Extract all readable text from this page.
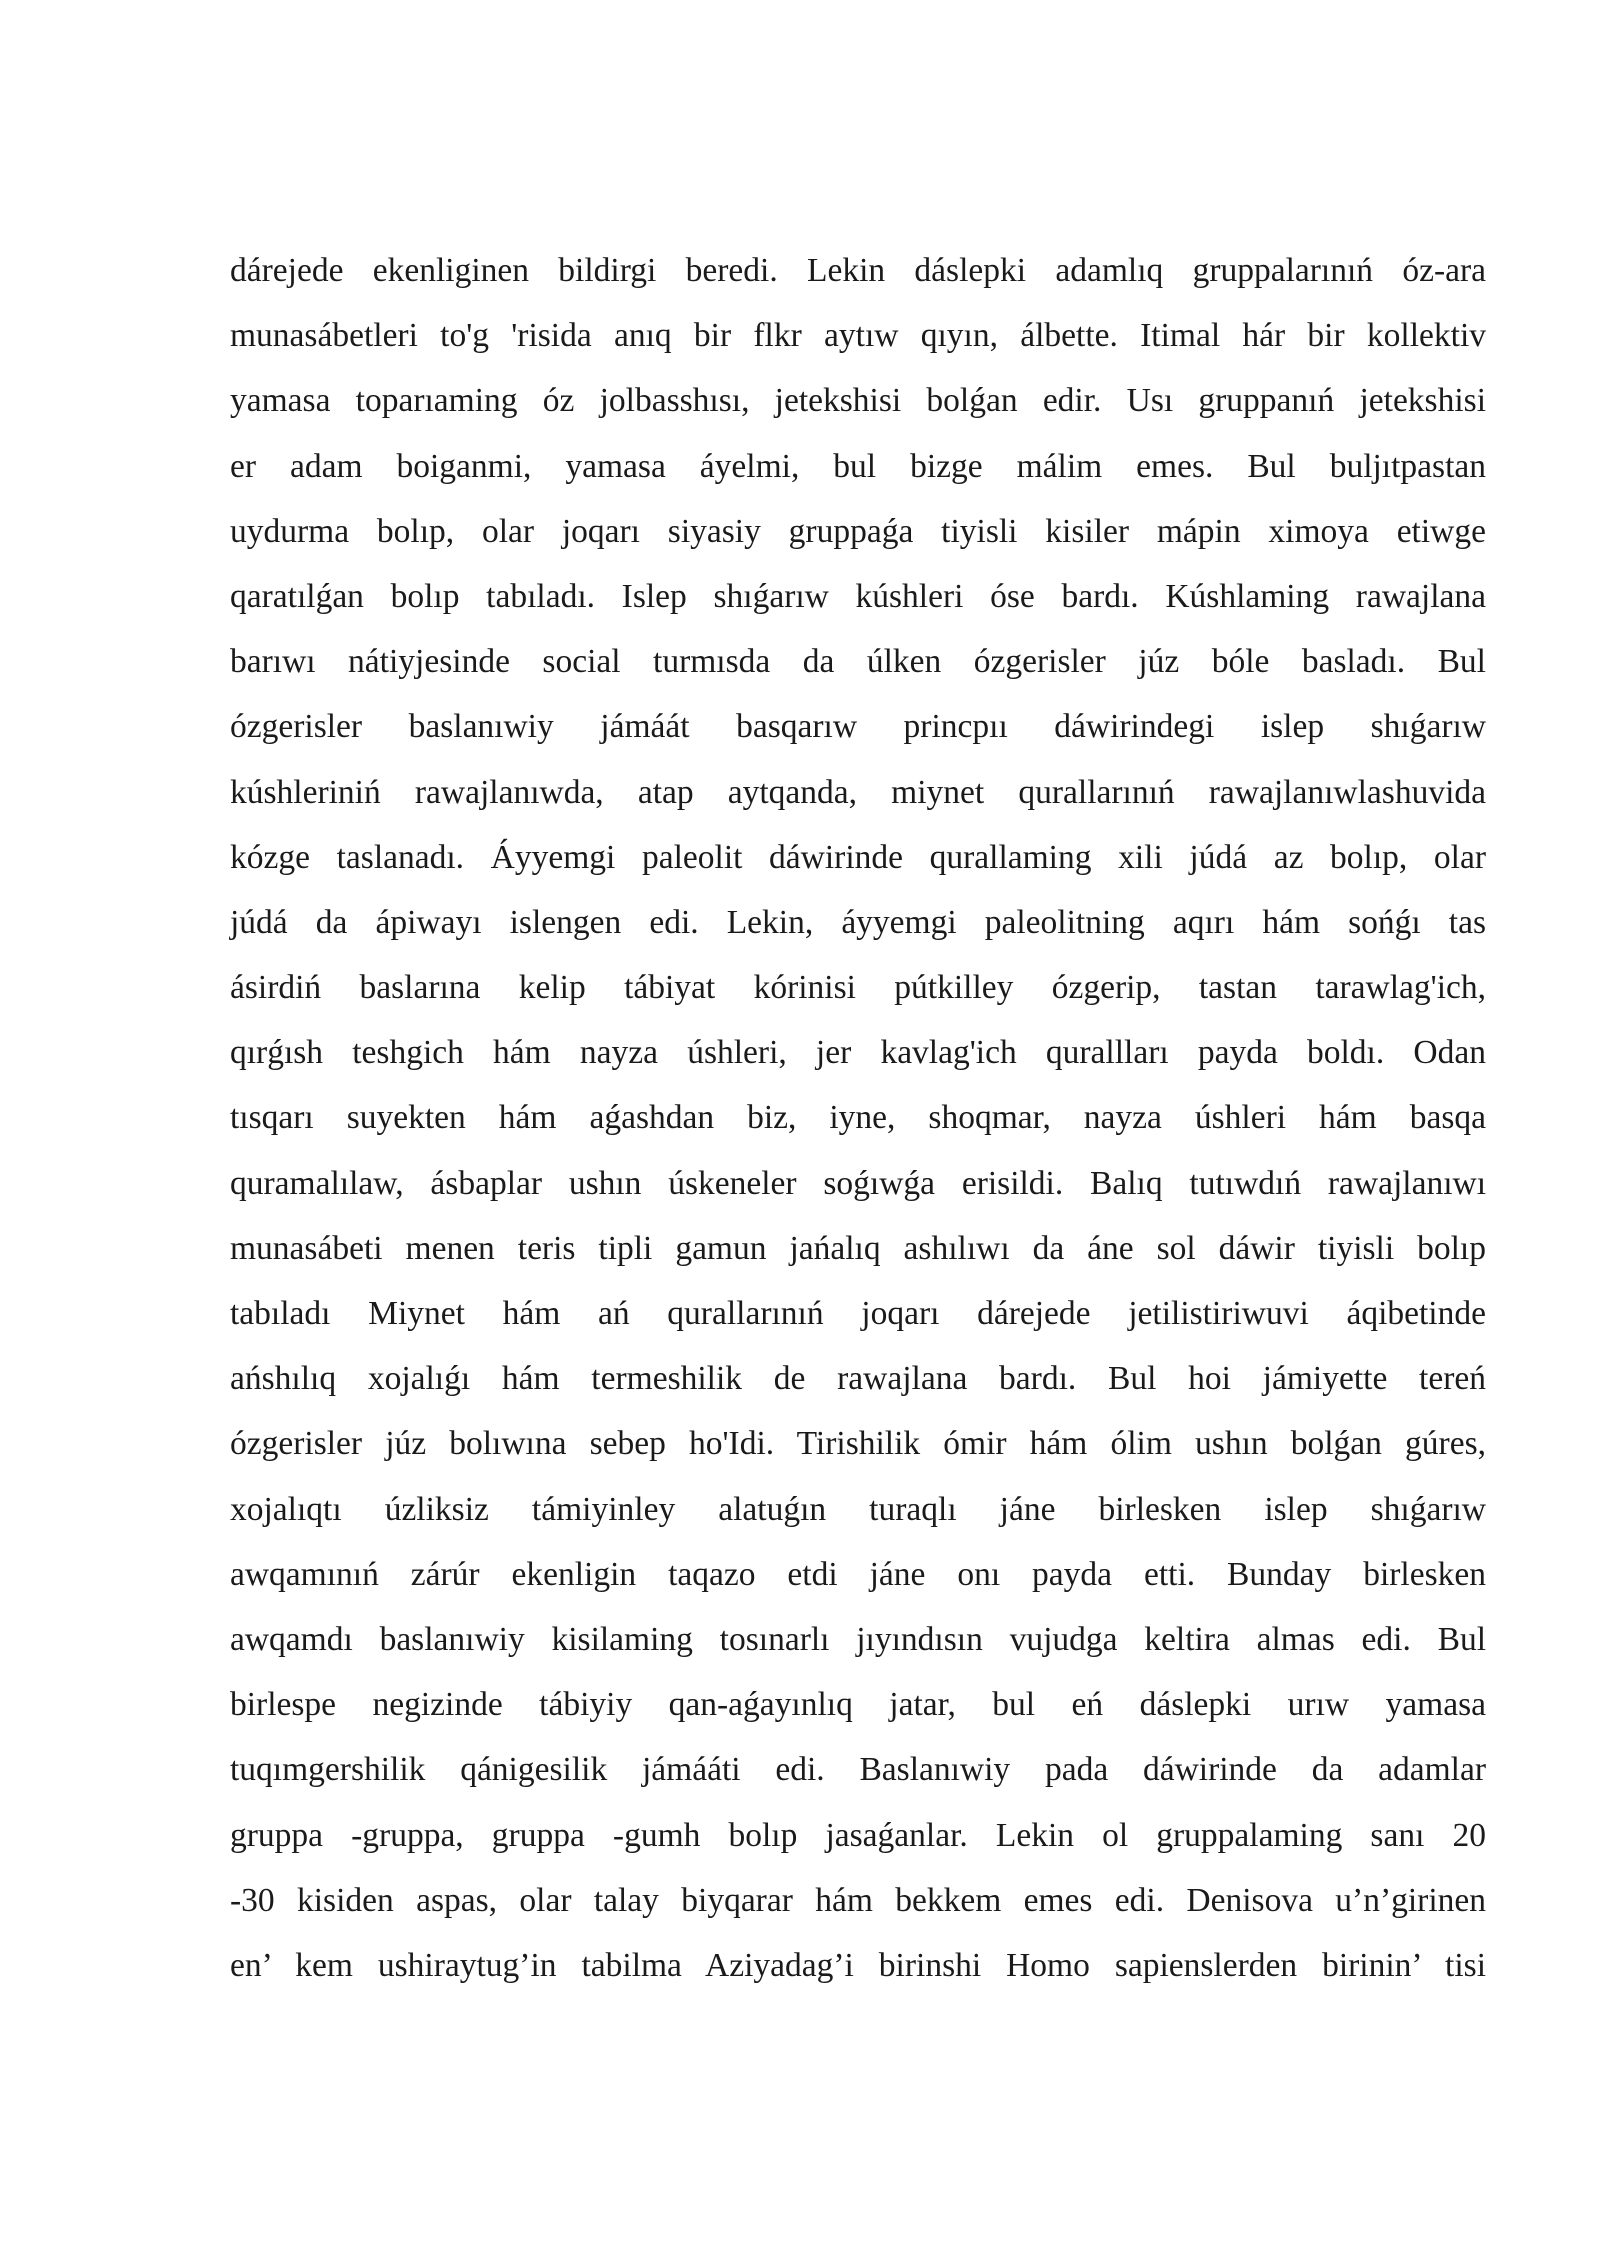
dárejede ekenliginen bildirgi beredi. Lekin dáslepki adamlıq gruppalarınıń óz-ara
munasábetleri to'g 'risida anıq bir flkr aytıw qıyın, álbette. Itimal hár bir kollektiv
yamasa toparıaming óz jolbasshısı, jetekshisi bolǵan edir. Usı gruppanıń jetekshisi
er adam boiganmi, yamasa áyelmi, bul bizge málim emes. Bul buljıtpastan
uydurma bolıp, olar joqarı siyasiy gruppaǵa tiyisli kisiler mápin ximoya etiwge
qaratılǵan bolıp tabıladı. Islep shıǵarıw kúshleri óse bardı. Kúshlaming rawajlana
barıwı nátiyjesinde social turmısda da úlken ózgerisler júz bóle basladı. Bul
ózgerisler baslanıwiy jámáát basqarıw princpıı dáwirindegi islep shıǵarıw
kúshleriniń rawajlanıwda, atap aytqanda, miynet qurallarınıń rawajlanıwlashuvida
kózge taslanadı. Áyyemgi paleolit dáwirinde qurallaming xili júdá az bolıp, olar
júdá da ápiwayı islengen edi. Lekin, áyyemgi paleolitning aqırı hám sońǵı tas
ásirdiń baslarına kelip tábiyat kórinisi pútkilley ózgerip, tastan tarawlag'ich,
qırǵısh teshgich hám nayza úshleri, jer kavlag'ich qurallları payda boldı. Odan
tısqarı suyekten hám aǵashdan biz, iyne, shoqmar, nayza úshleri hám basqa
quramalılaw, ásbaplar ushın úskeneler soǵıwǵa erisildi. Balıq tutıwdıń rawajlanıwı
munasábeti menen teris tipli gamun jańalıq ashılıwı da áne sol dáwir tiyisli bolıp
tabıladı Miynet hám ań qurallarınıń joqarı dárejede jetilistiriwuvi áqibetinde
ańshılıq xojalıǵı hám termeshilik de rawajlana bardı. Bul hoi jámiyette tereń
ózgerisler júz bolıwına sebep ho'Idi. Tirishilik ómir hám ólim ushın bolǵan gúres,
xojalıqtı úzliksiz támiyinley alatuǵın turaqlı jáne birlesken islep shıǵarıw
awqamınıń zárúr ekenligin taqazo etdi jáne onı payda etti. Bunday birlesken
awqamdı baslanıwiy kisilaming tosınarlı jıyındısın vujudga keltira almas edi. Bul
birlespe negizinde tábiyiy qan-aǵayınlıq jatar, bul eń dáslepki urıw yamasa
tuqımgershilik qánigesilik jámááti edi. Baslanıwiy pada dáwirinde da adamlar
gruppa -gruppa, gruppa -gumh bolıp jasaǵanlar. Lekin ol gruppalaming sanı 20
-30 kisiden aspas, olar talay biyqarar hám bekkem emes edi. Denisova u’n’girinen
en’ kem ushiraytug’in tabilma Aziyadag’i birinshi Homo sapienslerden birinin’ tisi
